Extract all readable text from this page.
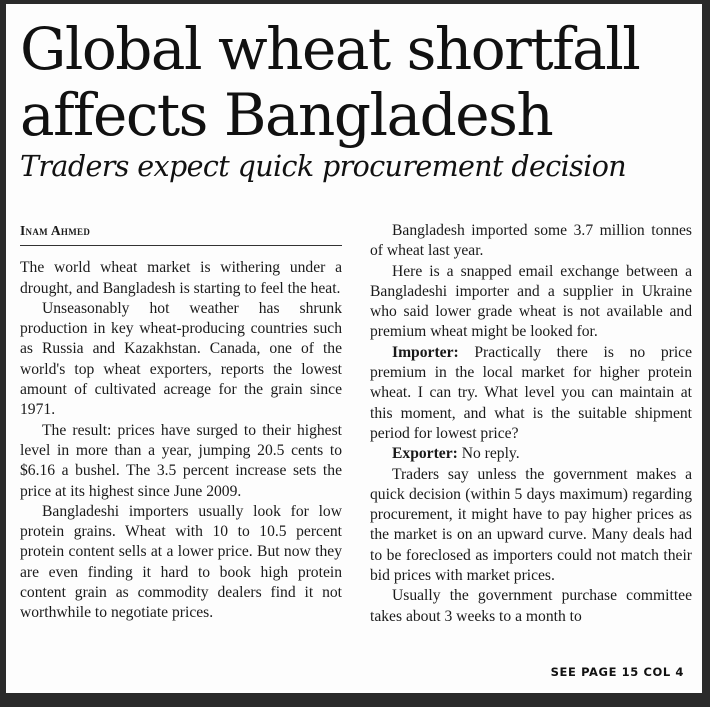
Global wheat shortfall
affects Bangladesh
Traders expect quick procurement decision
Inam Ahmed

The world wheat market is withering under a drought, and Bangladesh is starting to feel the heat.

Unseasonably hot weather has shrunk production in key wheat-producing countries such as Russia and Kazakhstan. Canada, one of the world's top wheat exporters, reports the lowest amount of cultivated acreage for the grain since 1971.

The result: prices have surged to their highest level in more than a year, jumping 20.5 cents to $6.16 a bushel. The 3.5 percent increase sets the price at its highest since June 2009.

Bangladeshi importers usually look for low protein grains. Wheat with 10 to 10.5 percent protein content sells at a lower price. But now they are even finding it hard to book high protein content grain as commodity dealers find it not worthwhile to negotiate prices.

Bangladesh imported some 3.7 million tonnes of wheat last year.

Here is a snapped email exchange between a Bangladeshi importer and a supplier in Ukraine who said lower grade wheat is not available and premium wheat might be looked for.

Importer: Practically there is no price premium in the local market for higher protein wheat. I can try. What level you can maintain at this moment, and what is the suitable shipment period for lowest price?

Exporter: No reply.

Traders say unless the government makes a quick decision (within 5 days maximum) regarding procurement, it might have to pay higher prices as the market is on an upward curve. Many deals had to be foreclosed as importers could not match their bid prices with market prices.

Usually the government purchase committee takes about 3 weeks to a month to

SEE PAGE 15 COL 4
